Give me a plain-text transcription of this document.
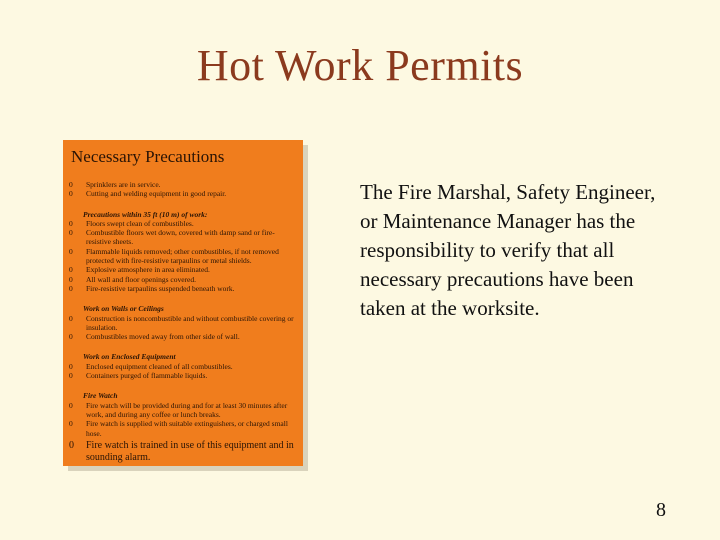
Hot Work Permits
Necessary Precautions
0 Sprinklers are in service.
0 Cutting and welding equipment in good repair.
Precautions within 35 ft (10 m) of work:
0 Floors swept clean of combustibles.
0 Combustible floors wet down, covered with damp sand or fire-resistive sheets.
0 Flammable liquids removed; other combustibles, if not removed protected with fire-resistive tarpaulins or metal shields.
0 Explosive atmosphere in area eliminated.
0 All wall and floor openings covered.
0 Fire-resistive tarpaulins suspended beneath work.
Work on Walls or Ceilings
0 Construction is noncombustible and without combustible covering or insulation.
0 Combustibles moved away from other side of wall.
Work on Enclosed Equipment
0 Enclosed equipment cleaned of all combustibles.
0 Containers purged of flammable liquids.
Fire Watch
0 Fire watch will be provided during and for at least 30 minutes after work, and during any coffee or lunch breaks.
0 Fire watch is supplied with suitable extinguishers, or charged small hose.
0 Fire watch is trained in use of this equipment and in sounding alarm.
The Fire Marshal, Safety Engineer, or Maintenance Manager has the responsibility to verify that all necessary precautions have been taken at the worksite.
8
